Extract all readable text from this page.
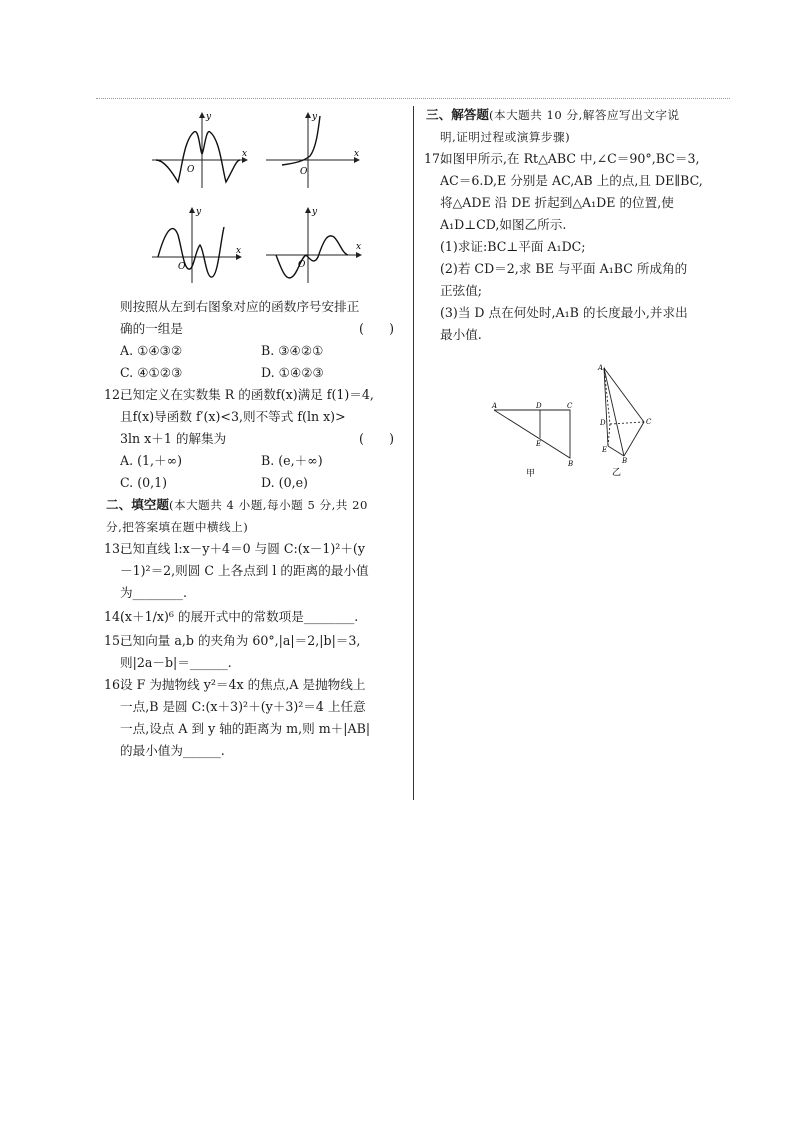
y
x
O
y
x
O
y
x
O
y
x
O

则按照从左到右图象对应的函数序号安排正

确的一组是	(　　)

A. ①④③②	B. ③④②①
C. ④①②③	D. ①④②③
12.

已知定义在实数集 R 的函数f(x)满足 f(1)＝4,

且f(x)导函数 f′(x)<3,则不等式 f(ln x)>

3ln x＋1 的解集为	(　　)

A. (1,＋∞)	B. (e,＋∞)
C. (0,1)	D. (0,e)

二、填空题(本大题共 4 小题,每小题 5 分,共 20

分,把答案填在题中横线上)

13.

已知直线 l:x－y＋4＝0 与圆 C:(x－1)²＋(y

－1)²＝2,则圆 C 上各点到 l 的距离的最小值

为________.

14.

(x＋1/x)⁶ 的展开式中的常数项是________.

15.

已知向量 a,b 的夹角为 60°,|a|＝2,|b|＝3,

则|2a－b|＝______.

16.

设 F 为抛物线 y²＝4x 的焦点,A 是抛物线上

一点,B 是圆 C:(x＋3)²＋(y＋3)²＝4 上任意

一点,设点 A 到 y 轴的距离为 m,则 m＋|AB|

的最小值为______.

三、解答题(本大题共 10 分,解答应写出文字说

明,证明过程或演算步骤)

17.

如图甲所示,在 Rt△ABC 中,∠C＝90°,BC＝3,

AC＝6.D,E 分别是 AC,AB 上的点,且 DE∥BC,

将△ADE 沿 DE 折起到△A₁DE 的位置,使

A₁D⊥CD,如图乙所示.

(1)求证:BC⊥平面 A₁DC;

(2)若 CD＝2,求 BE 与平面 A₁BC 所成角的

正弦值;

(3)当 D 点在何处时,A₁B 的长度最小,并求出

最小值.

A	D	C
E
B
甲
A₁
D	C
E
B
乙
